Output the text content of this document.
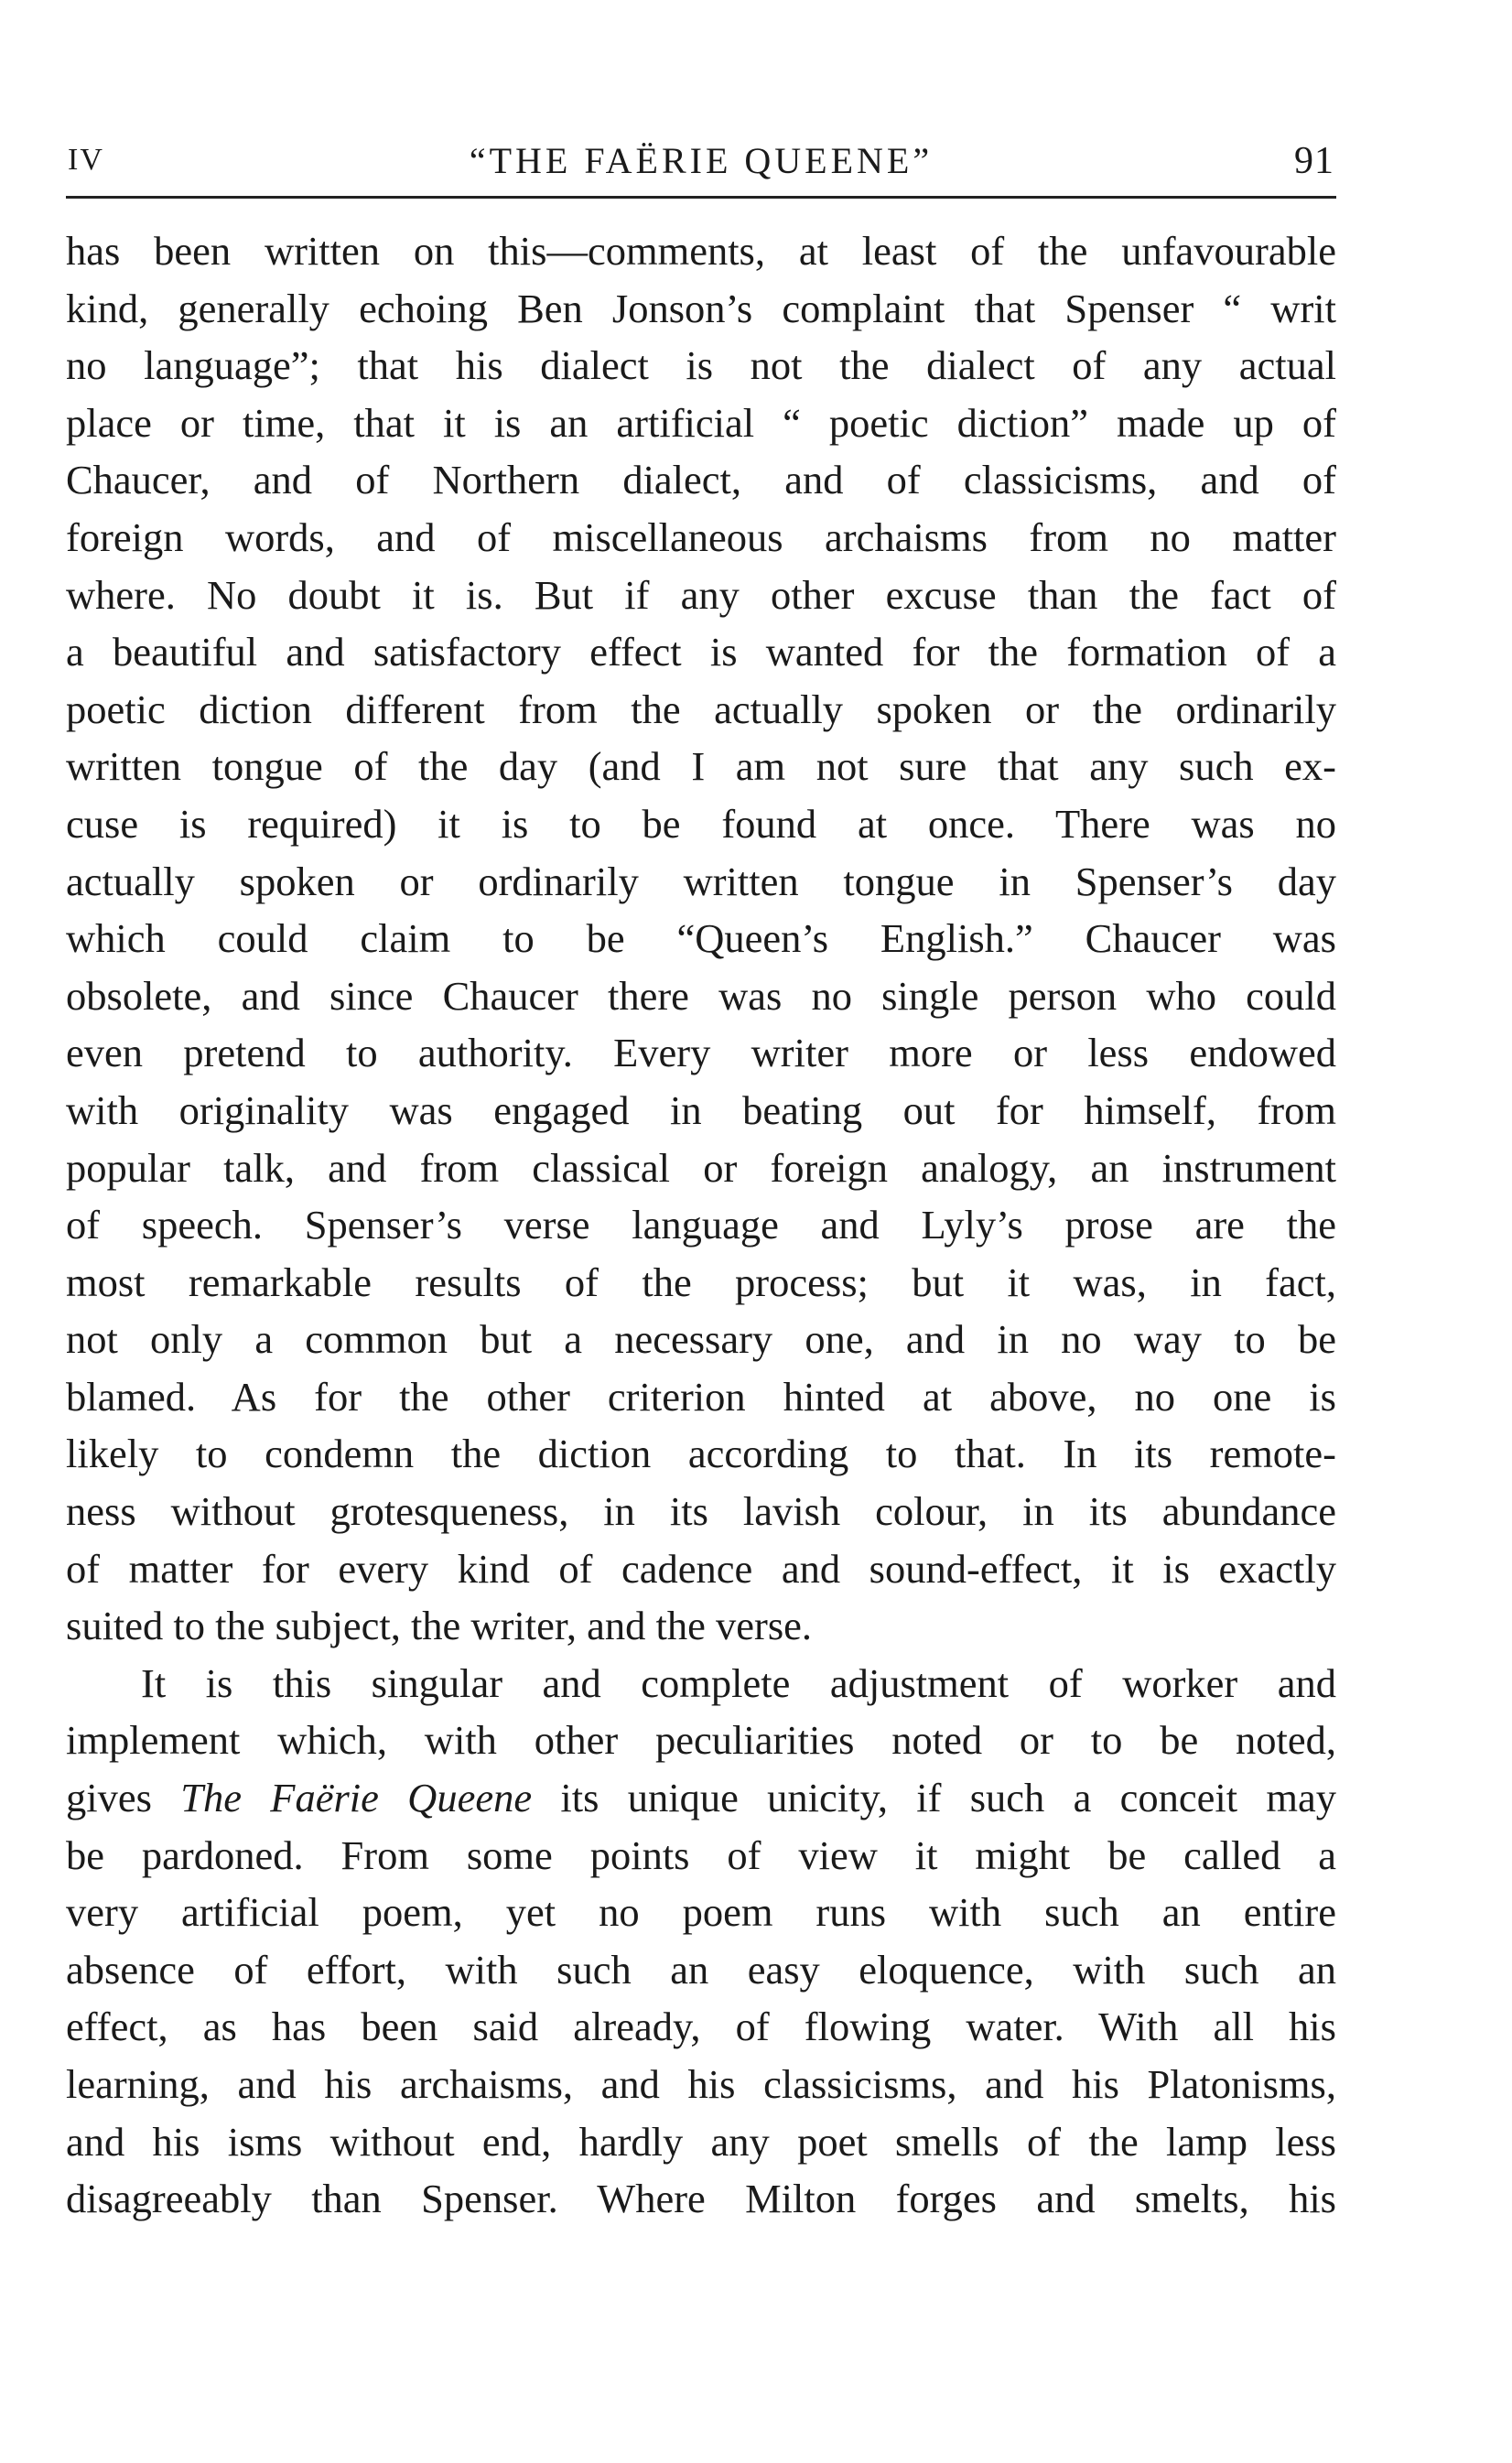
IV	“THE FAËRIE QUEENE”	91
has been written on this—comments, at least of the unfavourable
kind, generally echoing Ben Jonson’s complaint that Spenser “ writ
no language”; that his dialect is not the dialect of any actual
place or time, that it is an artificial “ poetic diction” made up of
Chaucer, and of Northern dialect, and of classicisms, and of
foreign words, and of miscellaneous archaisms from no matter
where. No doubt it is. But if any other excuse than the fact of
a beautiful and satisfactory effect is wanted for the formation of a
poetic diction different from the actually spoken or the ordinarily
written tongue of the day (and I am not sure that any such ex-
cuse is required) it is to be found at once. There was no
actually spoken or ordinarily written tongue in Spenser’s day
which could claim to be “Queen’s English.” Chaucer was
obsolete, and since Chaucer there was no single person who could
even pretend to authority. Every writer more or less endowed
with originality was engaged in beating out for himself, from
popular talk, and from classical or foreign analogy, an instrument
of speech. Spenser’s verse language and Lyly’s prose are the
most remarkable results of the process; but it was, in fact,
not only a common but a necessary one, and in no way to be
blamed. As for the other criterion hinted at above, no one is
likely to condemn the diction according to that. In its remote-
ness without grotesqueness, in its lavish colour, in its abundance
of matter for every kind of cadence and sound-effect, it is exactly
suited to the subject, the writer, and the verse.
It is this singular and complete adjustment of worker and
implement which, with other peculiarities noted or to be noted,
gives The Faërie Queene its unique unicity, if such a conceit may
be pardoned. From some points of view it might be called a
very artificial poem, yet no poem runs with such an entire
absence of effort, with such an easy eloquence, with such an
effect, as has been said already, of flowing water. With all his
learning, and his archaisms, and his classicisms, and his Platonisms,
and his isms without end, hardly any poet smells of the lamp less
disagreeably than Spenser. Where Milton forges and smelts, his
